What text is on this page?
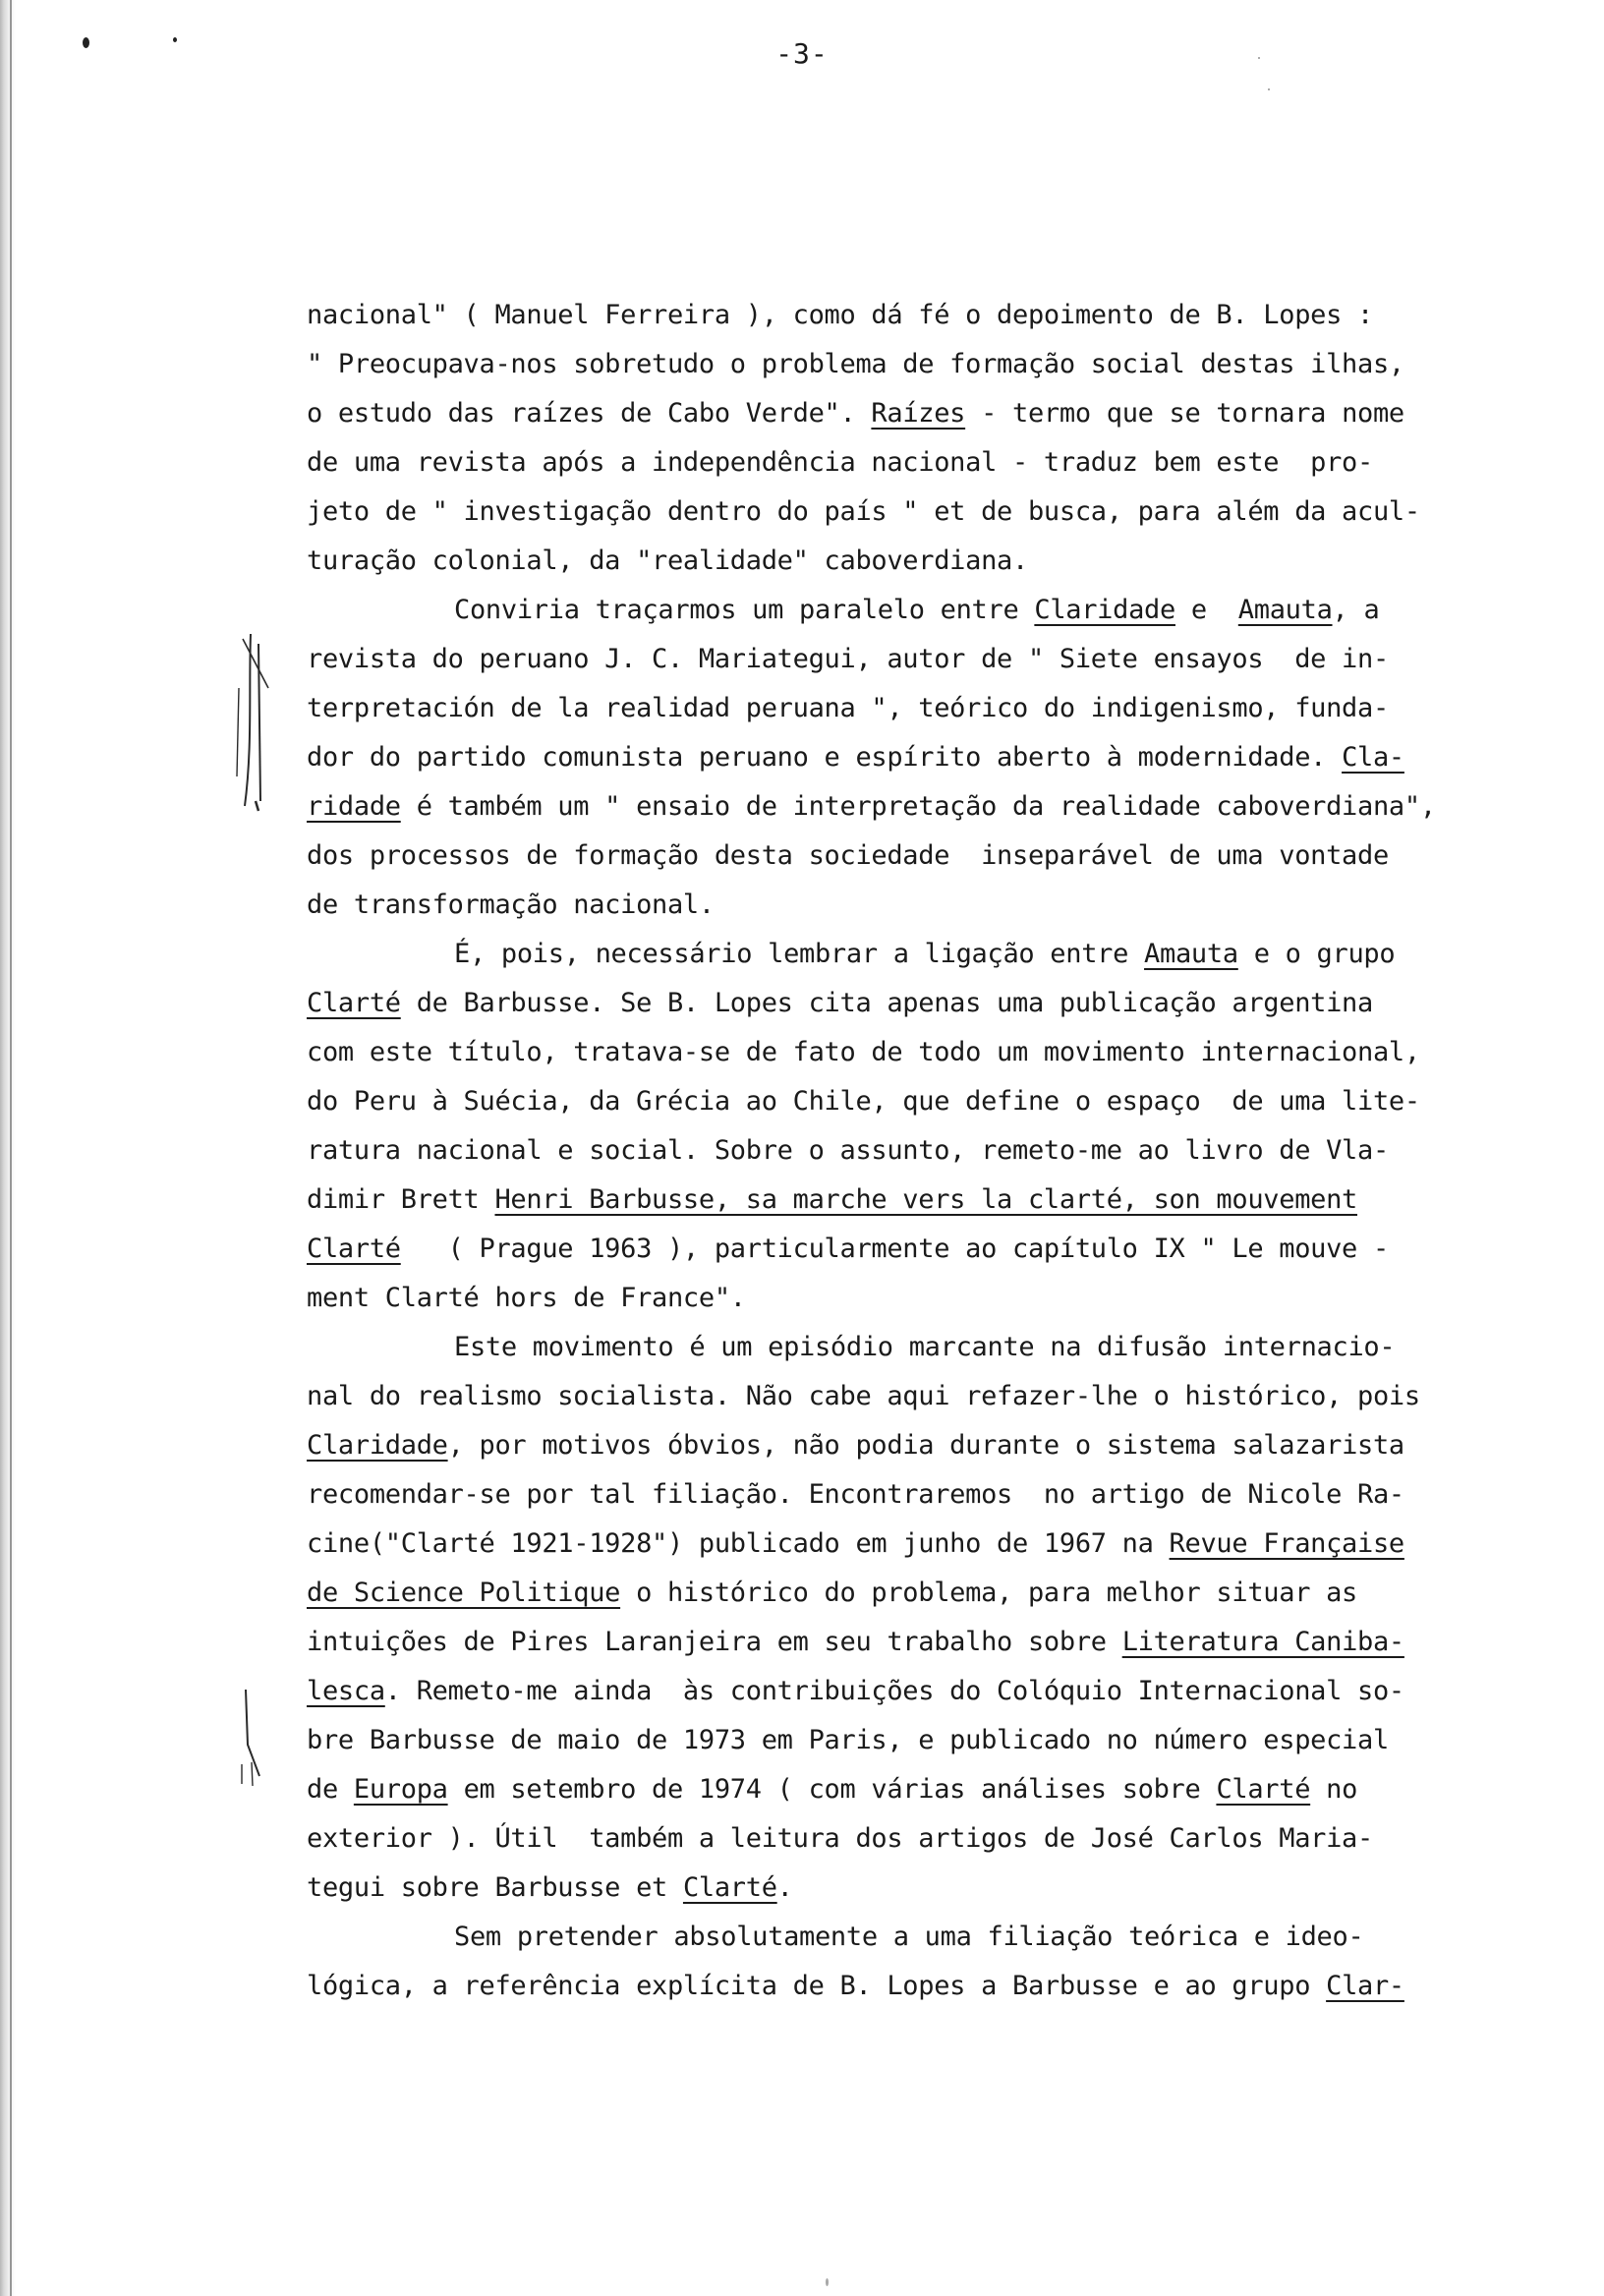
-3-
nacional" ( Manuel Ferreira ), como dá fé o depoimento de B. Lopes :
" Preocupava-nos sobretudo o problema de formação social destas ilhas,
o estudo das raízes de Cabo Verde". Raízes - termo que se tornara nome
de uma revista após a independência nacional - traduz bem este  pro-
jeto de " investigação dentro do país " et de busca, para além da acul-
turação colonial, da "realidade" caboverdiana.
Conviria traçarmos um paralelo entre Claridade e  Amauta, a
revista do peruano J. C. Mariategui, autor de " Siete ensayos  de in-
terpretación de la realidad peruana ", teórico do indigenismo, funda-
dor do partido comunista peruano e espírito aberto à modernidade. Cla-
ridade é também um " ensaio de interpretação da realidade caboverdiana",
dos processos de formação desta sociedade  inseparável de uma vontade
de transformação nacional.
É, pois, necessário lembrar a ligação entre Amauta e o grupo
Clarté de Barbusse. Se B. Lopes cita apenas uma publicação argentina
com este título, tratava-se de fato de todo um movimento internacional,
do Peru à Suécia, da Grécia ao Chile, que define o espaço  de uma lite-
ratura nacional e social. Sobre o assunto, remeto-me ao livro de Vla-
dimir Brett Henri Barbusse, sa marche vers la clarté, son mouvement
Clarté   ( Prague 1963 ), particularmente ao capítulo IX " Le mouve -
ment Clarté hors de France".
Este movimento é um episódio marcante na difusão internacio-
nal do realismo socialista. Não cabe aqui refazer-lhe o histórico, pois
Claridade, por motivos óbvios, não podia durante o sistema salazarista
recomendar-se por tal filiação. Encontraremos  no artigo de Nicole Ra-
cine("Clarté 1921-1928") publicado em junho de 1967 na Revue Française
de Science Politique o histórico do problema, para melhor situar as
intuições de Pires Laranjeira em seu trabalho sobre Literatura Caniba-
lesca. Remeto-me ainda  às contribuições do Colóquio Internacional so-
bre Barbusse de maio de 1973 em Paris, e publicado no número especial
de Europa em setembro de 1974 ( com várias análises sobre Clarté no
exterior ). Útil  também a leitura dos artigos de José Carlos Maria-
tegui sobre Barbusse et Clarté.
Sem pretender absolutamente a uma filiação teórica e ideo-
lógica, a referência explícita de B. Lopes a Barbusse e ao grupo Clar-
